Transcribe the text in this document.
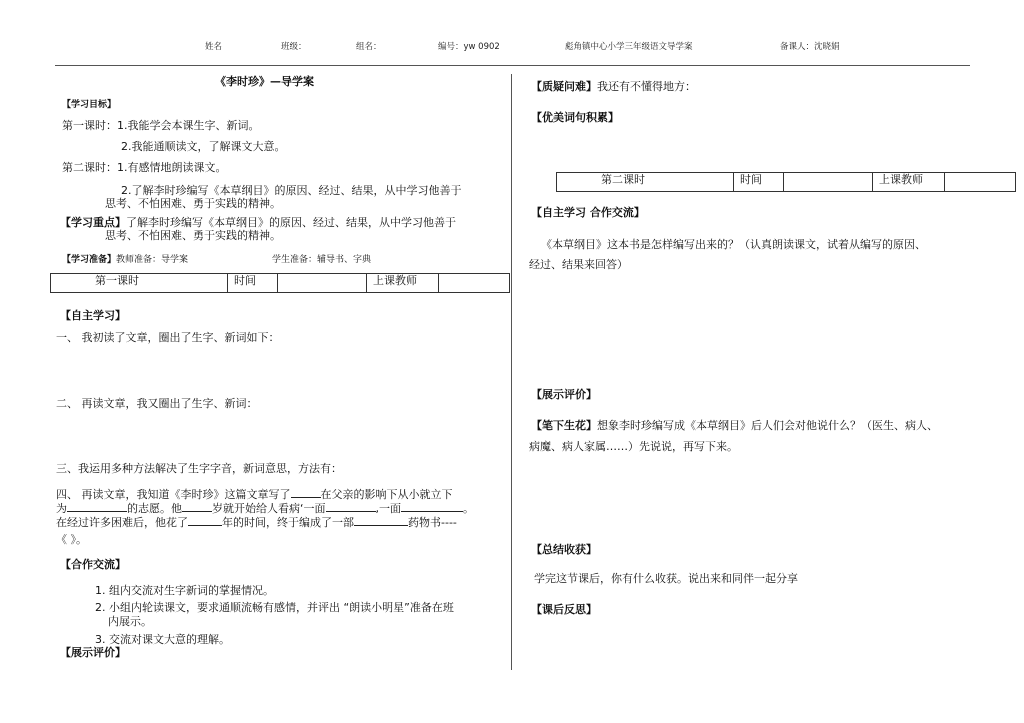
姓名	班级：	组名：	编号：yw 0902	彪角镇中心小学三年级语文导学案	备课人：沈晓娟
《李时珍》—导学案
【学习目标】
第一课时：1.我能学会本课生字、新词。
2.我能通顺读文，了解课文大意。
第二课时：1.有感情地朗读课文。
2.了解李时珍编写《本草纲目》的原因、经过、结果，从中学习他善于
思考、不怕困难、勇于实践的精神。
【学习重点】了解李时珍编写《本草纲目》的原因、经过、结果，从中学习他善于
思考、不怕困难、勇于实践的精神。
【学习准备】教师准备：导学案	学生准备：辅导书、字典
第一课时	时间		上课教师	
【自主学习】
一、 我初读了文章，圈出了生字、新词如下：
二、 再读文章，我又圈出了生字、新词：
三、我运用多种方法解决了生字字音，新词意思，方法有：
四、 再读文章，我知道《李时珍》这篇文章写了	在父亲的影响下从小就立下
为	的志愿。他	岁就开始给人看病‘一面	,一面	。
在经过许多困难后，他花了	年的时间，终于编成了一部	药物书----
《 》。
【合作交流】
1. 组内交流对生字新词的掌握情况。
2. 小组内轮读课文，要求通顺流畅有感情，并评出 “朗读小明星”准备在班
内展示。
3. 交流对课文大意的理解。
【展示评价】
【质疑问难】我还有不懂得地方：
【优美词句积累】
第二课时	时间		上课教师	
【自主学习 合作交流】
《本草纲目》这本书是怎样编写出来的？（认真朗读课文，试着从编写的原因、
经过、结果来回答）
【展示评价】
【笔下生花】想象李时珍编写成《本草纲目》后人们会对他说什么？（医生、病人、
病魔、病人家属……）先说说，再写下来。
【总结收获】
学完这节课后，你有什么收获。说出来和同伴一起分享
【课后反思】
